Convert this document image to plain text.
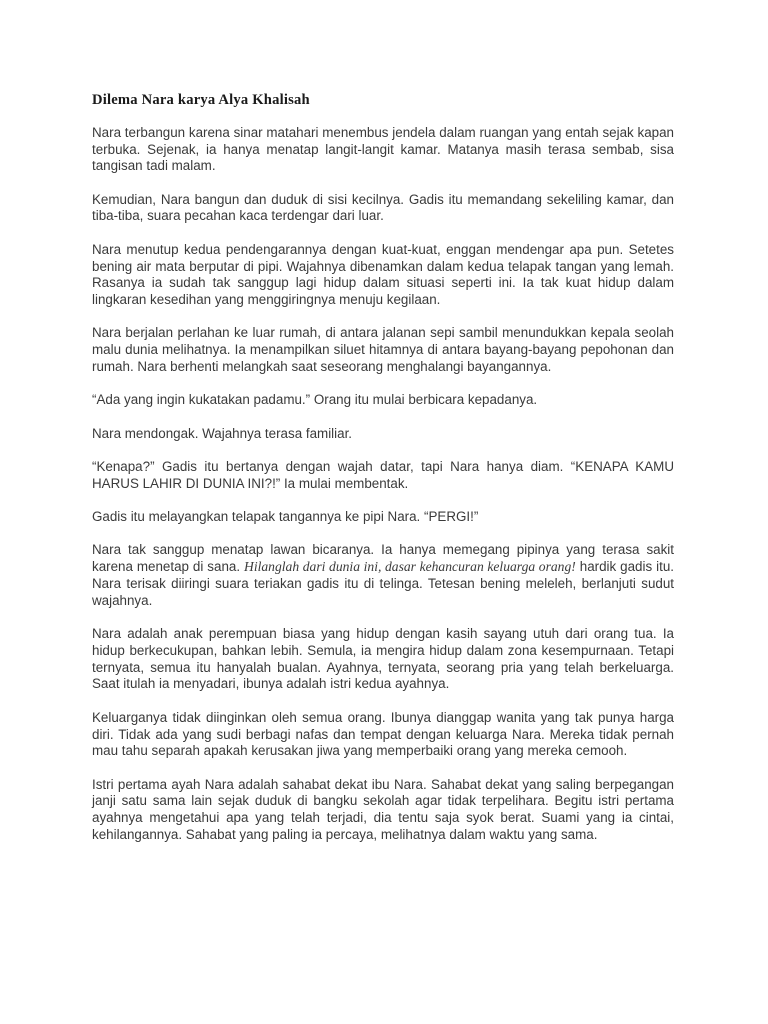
Dilema Nara karya Alya Khalisah

Nara terbangun karena sinar matahari menembus jendela dalam ruangan yang entah sejak kapan terbuka. Sejenak, ia hanya menatap langit-langit kamar. Matanya masih terasa sembab, sisa tangisan tadi malam.

Kemudian, Nara bangun dan duduk di sisi kecilnya. Gadis itu memandang sekeliling kamar, dan tiba-tiba, suara pecahan kaca terdengar dari luar.

Nara menutup kedua pendengarannya dengan kuat-kuat, enggan mendengar apa pun. Setetes bening air mata berputar di pipi. Wajahnya dibenamkan dalam kedua telapak tangan yang lemah. Rasanya ia sudah tak sanggup lagi hidup dalam situasi seperti ini. Ia tak kuat hidup dalam lingkaran kesedihan yang menggiringnya menuju kegilaan.

Nara berjalan perlahan ke luar rumah, di antara jalanan sepi sambil menundukkan kepala seolah malu dunia melihatnya. Ia menampilkan siluet hitamnya di antara bayang-bayang pepohonan dan rumah. Nara berhenti melangkah saat seseorang menghalangi bayangannya.

“Ada yang ingin kukatakan padamu.” Orang itu mulai berbicara kepadanya.

Nara mendongak. Wajahnya terasa familiar.

“Kenapa?” Gadis itu bertanya dengan wajah datar, tapi Nara hanya diam. “KENAPA KAMU HARUS LAHIR DI DUNIA INI?!” Ia mulai membentak.

Gadis itu melayangkan telapak tangannya ke pipi Nara. “PERGI!”

Nara tak sanggup menatap lawan bicaranya. Ia hanya memegang pipinya yang terasa sakit karena menetap di sana. Hilanglah dari dunia ini, dasar kehancuran keluarga orang! hardik gadis itu. Nara terisak diiringi suara teriakan gadis itu di telinga. Tetesan bening meleleh, berlanjuti sudut wajahnya.

Nara adalah anak perempuan biasa yang hidup dengan kasih sayang utuh dari orang tua. Ia hidup berkecukupan, bahkan lebih. Semula, ia mengira hidup dalam zona kesempurnaan. Tetapi ternyata, semua itu hanyalah bualan. Ayahnya, ternyata, seorang pria yang telah berkeluarga. Saat itulah ia menyadari, ibunya adalah istri kedua ayahnya.

Keluarganya tidak diinginkan oleh semua orang. Ibunya dianggap wanita yang tak punya harga diri. Tidak ada yang sudi berbagi nafas dan tempat dengan keluarga Nara. Mereka tidak pernah mau tahu separah apakah kerusakan jiwa yang memperbaiki orang yang mereka cemooh.

Istri pertama ayah Nara adalah sahabat dekat ibu Nara. Sahabat dekat yang saling berpegangan janji satu sama lain sejak duduk di bangku sekolah agar tidak terpelihara. Begitu istri pertama ayahnya mengetahui apa yang telah terjadi, dia tentu saja syok berat. Suami yang ia cintai, kehilangannya. Sahabat yang paling ia percaya, melihatnya dalam waktu yang sama.
